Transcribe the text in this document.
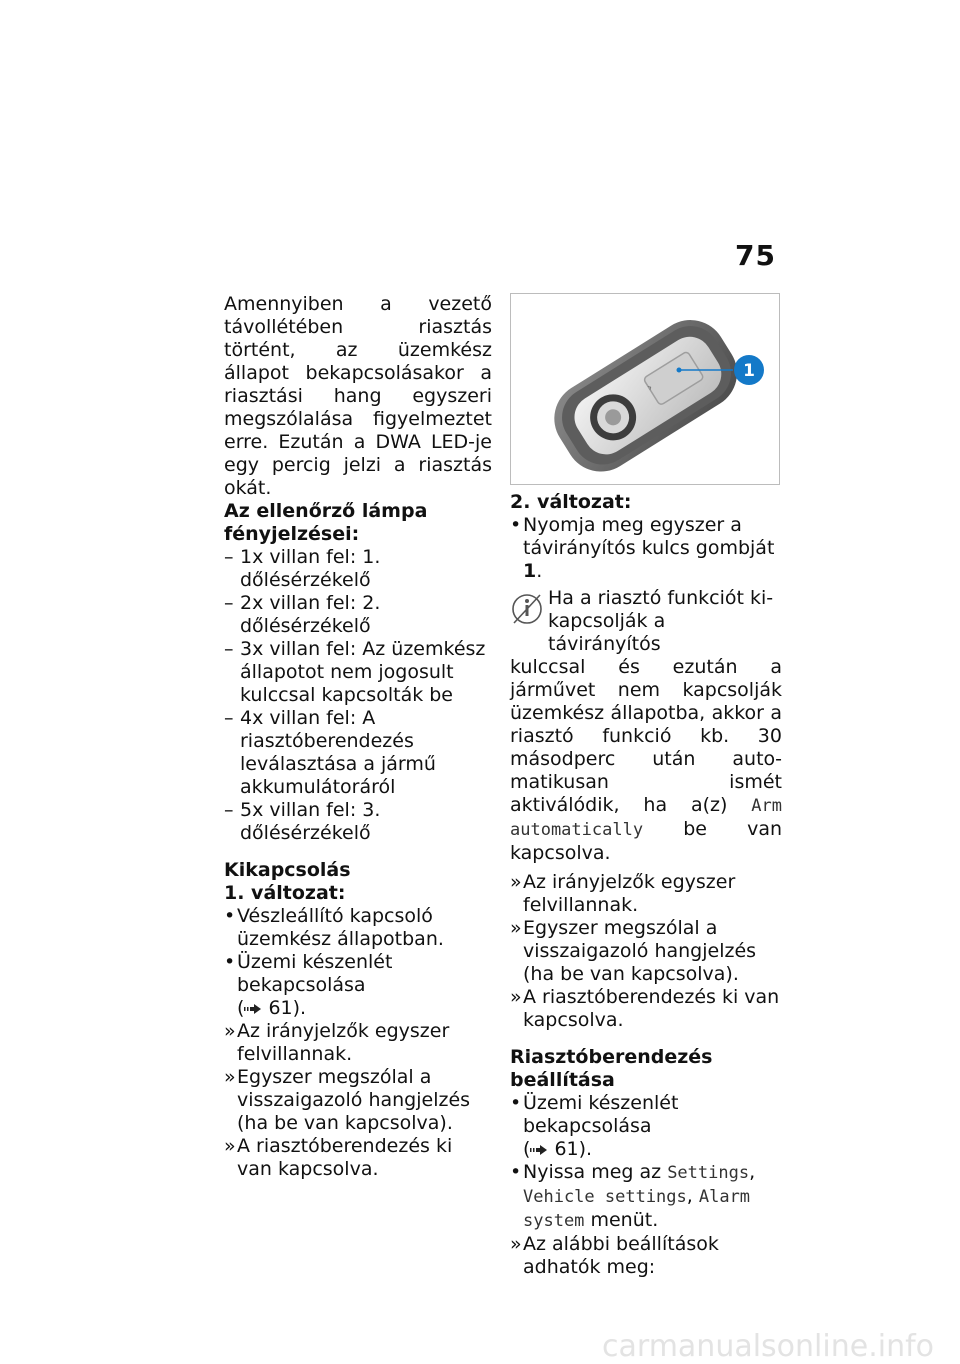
75

Amennyiben a vezető távollétében riasztás történt, az üzemkész állapot bekapcsolásakor a riasztási hang egyszeri megszólalása figyelmeztet erre. Ezután a DWA LED-je egy percig jelzi a riasztás okát.

Az ellenőrző lámpa fényjelzései:
– 1x villan fel: 1. dőlésérzékelő
– 2x villan fel: 2. dőlésérzékelő
– 3x villan fel: Az üzemkész állapotot nem jogosult kulccsal kapcsolták be
– 4x villan fel: A riasztóberendezés leválasztása a jármű akkumulátoráról
– 5x villan fel: 3. dőlésérzékelő
Kikapcsolás
1. változat:
• Vészleállító kapcsoló üzemkész állapotban.
• Üzemi készenlét bekapcsolása
( 61).
» Az irányjelzők egyszer felvillannak.
» Egyszer megszólal a visszaigazoló hangjelzés (ha be van kapcsolva).
» A riasztóberendezés ki van kapcsolva.
›
1
2. változat:
• Nyomja meg egyszer a távirányítós kulcs gombját 1.
Ha a riasztó funkciót kikapcsolják a távirányítós

kulccsal és ezután a járművet nem kapcsolják üzemkész állapotba, akkor a riasztó funkció kb. 30 másodperc után automatikusan ismét aktiválódik, ha a(z) Arm automatically be van kapcsolva.

» Az irányjelzők egyszer felvillannak.
» Egyszer megszólal a visszaigazoló hangjelzés (ha be van kapcsolva).
» A riasztóberendezés ki van kapcsolva.
Riasztóberendezés beállítása
• Üzemi készenlét bekapcsolása
( 61).
• Nyissa meg az Settings, Vehicle settings, Alarm system menüt.
» Az alábbi beállítások adhatók meg:
carmanualsonline.info
